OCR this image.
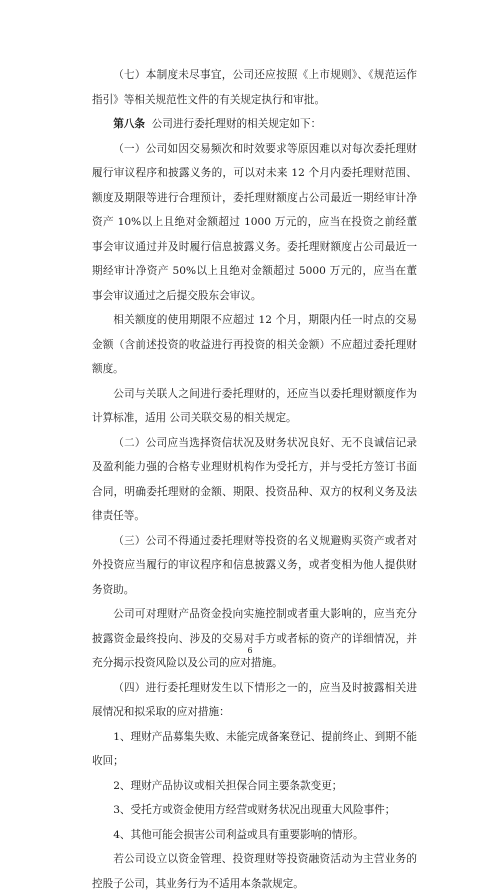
（七）本制度未尽事宜，公司还应按照《上市规则》、《规范运作指引》等相关规范性文件的有关规定执行和审批。

第八条 公司进行委托理财的相关规定如下：

（一）公司如因交易频次和时效要求等原因难以对每次委托理财履行审议程序和披露义务的，可以对未来 12 个月内委托理财范围、额度及期限等进行合理预计，委托理财额度占公司最近一期经审计净资产 10%以上且绝对金额超过 1000 万元的，应当在投资之前经董事会审议通过并及时履行信息披露义务。委托理财额度占公司最近一期经审计净资产 50%以上且绝对金额超过 5000 万元的，应当在董事会审议通过之后提交股东会审议。

相关额度的使用期限不应超过 12 个月，期限内任一时点的交易金额（含前述投资的收益进行再投资的相关金额）不应超过委托理财额度。

公司与关联人之间进行委托理财的，还应当以委托理财额度作为计算标准，适用 公司关联交易的相关规定。

（二）公司应当选择资信状况及财务状况良好、无不良诚信记录及盈利能力强的合格专业理财机构作为受托方，并与受托方签订书面合同，明确委托理财的金额、期限、投资品种、双方的权利义务及法律责任等。

（三）公司不得通过委托理财等投资的名义规避购买资产或者对外投资应当履行的审议程序和信息披露义务，或者变相为他人提供财务资助。

公司可对理财产品资金投向实施控制或者重大影响的，应当充分披露资金最终投向、涉及的交易对手方或者标的资产的详细情况，并充分揭示投资风险以及公司的应对措施。

（四）进行委托理财发生以下情形之一的，应当及时披露相关进展情况和拟采取的应对措施：

1、理财产品募集失败、未能完成备案登记、提前终止、到期不能收回；

2、理财产品协议或相关担保合同主要条款变更；

3、受托方或资金使用方经营或财务状况出现重大风险事件；

4、其他可能会损害公司利益或具有重要影响的情形。

若公司设立以资金管理、投资理财等投资融资活动为主营业务的控股子公司，其业务行为不适用本条款规定。

6
